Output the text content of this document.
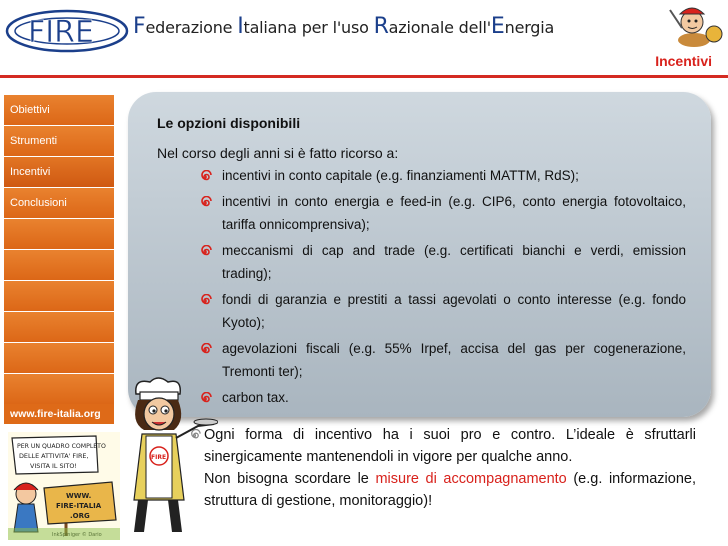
FIRE Federazione Italiana per l'uso Razionale dell'Energia
Incentivi
Obiettivi
Strumenti
Incentivi
Conclusioni
www.fire-italia.org
Le opzioni disponibili
Nel corso degli anni si è fatto ricorso a:
incentivi in conto capitale (e.g. finanziamenti MATTM, RdS);
incentivi in conto energia e feed-in (e.g. CIP6, conto energia fotovoltaico, tariffa onnicomprensiva);
meccanismi di cap and trade (e.g. certificati bianchi e verdi, emission trading);
fondi di garanzia e prestiti a tassi agevolati o conto interesse (e.g. fondo Kyoto);
agevolazioni fiscali (e.g. 55% Irpef, accisa del gas per cogenerazione, Tremonti ter);
carbon tax.

Ogni forma di incentivo ha i suoi pro e contro. L’ideale è sfruttarli sinergicamente mantenendoli in vigore per qualche anno.

Non bisogna scordare le misure di accompagnamento (e.g. informazione, struttura di gestione, monitoraggio)!

PER UN QUADRO COMPLETO
DELLE ATTIVITA' FIRE,
VISITA IL SITO!
WWW.
FIRE-ITALIA
.ORG
FIRE
